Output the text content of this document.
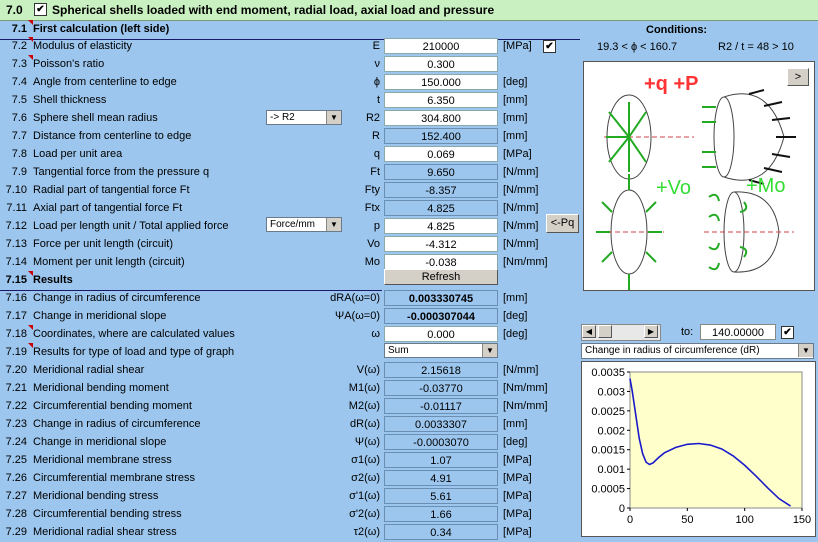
7.0 ✔ Spherical shells loaded with end moment, radial load, axial load and pressure
7.1 First calculation (left side)
7.2 Modulus of elasticity	E	210000	[MPa]
7.3 Poisson's ratio	ν	0.300
7.4 Angle from centerline to edge	ϕ	150.000	[deg]
7.5 Shell thickness	t	6.350	[mm]
7.6 Sphere shell mean radius	R2	304.800	[mm]
7.7 Distance from centerline to edge	R	152.400	[mm]
7.8 Load per unit area	q	0.069	[MPa]
7.9 Tangential force from the pressure q	Ft	9.650	[N/mm]
7.10 Radial part of tangential force Ft	Fty	-8.357	[N/mm]
7.11 Axial part of tangential force Ft	Ftx	4.825	[N/mm]
7.12 Load per length unit / Total applied force	p	4.825	[N/mm]
7.13 Force per unit length (circuit)	Vo	-4.312	[N/mm]
7.14 Moment per unit length (circuit)	Mo	-0.038	[Nm/mm]
Refresh
7.15 Results
7.16 Change in radius of circumference	dRA(ω=0)	0.003330745	[mm]
7.17 Change in meridional slope	ΨA(ω=0)	-0.000307044	[deg]
7.18 Coordinates, where are calculated values	ω	0.000	[deg]
7.19 Results for type of load and type of graph
7.20 Meridional radial shear	V(ω)	2.15618	[N/mm]
7.21 Meridional bending moment	M1(ω)	-0.03770	[Nm/mm]
7.22 Circumferential bending moment	M2(ω)	-0.01117	[Nm/mm]
7.23 Change in radius of circumference	dR(ω)	0.0033307	[mm]
7.24 Change in meridional slope	Ψ(ω)	-0.0003070	[deg]
7.25 Meridional membrane stress	σ1(ω)	1.07	[MPa]
7.26 Circumferential membrane stress	σ2(ω)	4.91	[MPa]
7.27 Meridional bending stress	σ'1(ω)	5.61	[MPa]
7.28 Circumferential bending stress	σ'2(ω)	1.66	[MPa]
7.29 Meridional radial shear stress	τ2(ω)	0.34	[MPa]
-> R2	▼
Force/mm	▼
Sum	▼
✔
<-Pq
Conditions:
19.3 < ϕ < 160.7	R2 / t = 48 > 10
>
+q +P
+Vo	+Mo
◀	▶	to:	140.00000	✔
Change in radius of circumference (dR)	▼
0
0.0005
0.001
0.0015
0.002
0.0025
0.003
0.0035
0	50	100	150
